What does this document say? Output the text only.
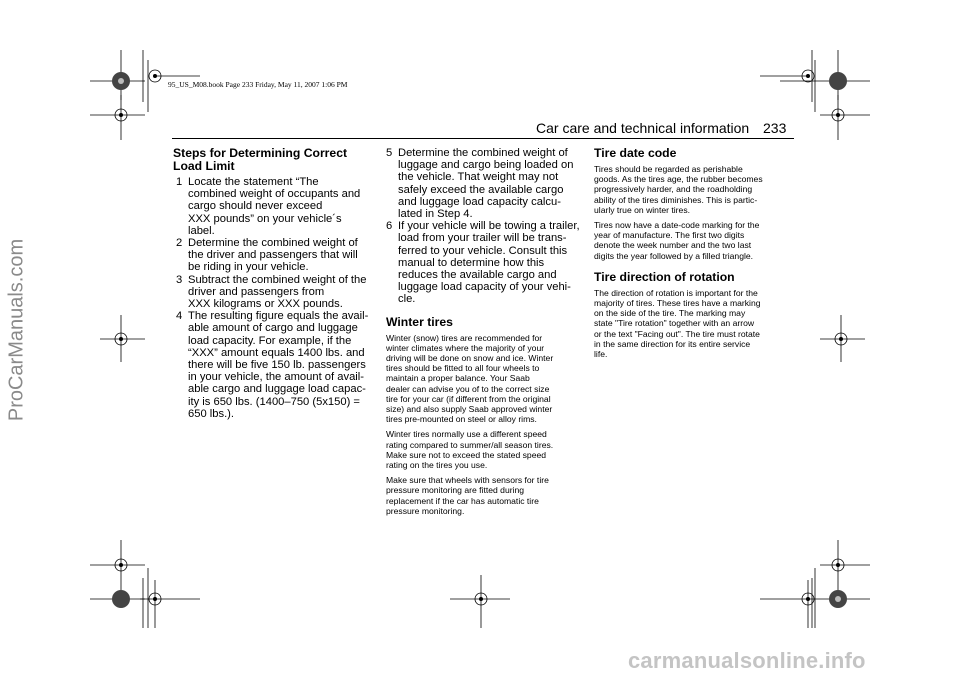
ProCarManuals.com
95_US_M08.book Page 233 Friday, May 11, 2007 1:06 PM
Car care and technical information 233
Steps for Determining Correct
Load Limit
1 Locate the statement “The
combined weight of occupants and
cargo should never exceed
XXX pounds” on your vehicle´s
label.
2 Determine the combined weight of
the driver and passengers that will
be riding in your vehicle.
3 Subtract the combined weight of the
driver and passengers from
XXX kilograms or XXX pounds.
4 The resulting figure equals the avail-
able amount of cargo and luggage
load capacity. For example, if the
“XXX” amount equals 1400 lbs. and
there will be five 150 lb. passengers
in your vehicle, the amount of avail-
able cargo and luggage load capac-
ity is 650 lbs. (1400–750 (5x150) =
650 lbs.).
5 Determine the combined weight of
luggage and cargo being loaded on
the vehicle. That weight may not
safely exceed the available cargo
and luggage load capacity calcu-
lated in Step 4.
6 If your vehicle will be towing a trailer,
load from your trailer will be trans-
ferred to your vehicle. Consult this
manual to determine how this
reduces the available cargo and
luggage load capacity of your vehi-
cle.
Winter tires
Winter (snow) tires are recommended for
winter climates where the majority of your
driving will be done on snow and ice. Winter
tires should be fitted to all four wheels to
maintain a proper balance. Your Saab
dealer can advise you of to the correct size
tire for your car (if different from the original
size) and also supply Saab approved winter
tires pre-mounted on steel or alloy rims.
Winter tires normally use a different speed
rating compared to summer/all season tires.
Make sure not to exceed the stated speed
rating on the tires you use.
Make sure that wheels with sensors for tire
pressure monitoring are fitted during
replacement if the car has automatic tire
pressure monitoring.
Tire date code
Tires should be regarded as perishable
goods. As the tires age, the rubber becomes
progressively harder, and the roadholding
ability of the tires diminishes. This is partic-
ularly true on winter tires.
Tires now have a date-code marking for the
year of manufacture. The first two digits
denote the week number and the two last
digits the year followed by a filled triangle.
Tire direction of rotation
The direction of rotation is important for the
majority of tires. These tires have a marking
on the side of the tire. The marking may
state "Tire rotation" together with an arrow
or the text "Facing out". The tire must rotate
in the same direction for its entire service
life.
carmanualsonline.info
